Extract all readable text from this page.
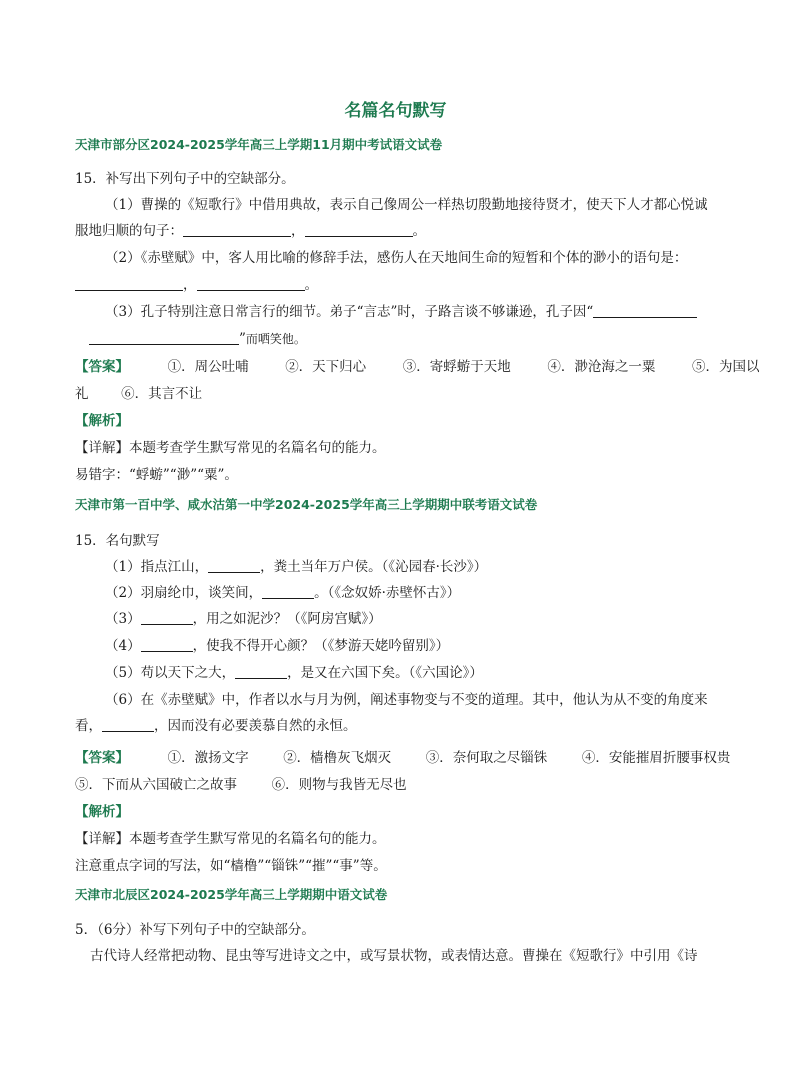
名篇名句默写
天津市部分区2024-2025学年高三上学期11月期中考试语文试卷
15．补写出下列句子中的空缺部分。
（1）曹操的《短歌行》中借用典故，表示自己像周公一样热切殷勤地接待贤才，使天下人才都心悦诚
服地归顺的句子：	，	。
（2）《赤壁赋》中，客人用比喻的修辞手法，感伤人在天地间生命的短暂和个体的渺小的语句是：
，	。
（3）孔子特别注意日常言行的细节。弟子“言志”时，子路言谈不够谦逊，孔子因“
”而哂笑他。
【答案】	①．周公吐哺	②．天下归心	③．寄蜉蝣于天地	④．渺沧海之一粟	⑤．为国以
礼 ⑥．其言不让
【解析】
【详解】本题考查学生默写常见的名篇名句的能力。
易错字：“蜉蝣”“渺”“粟”。
天津市第一百中学、咸水沽第一中学2024-2025学年高三上学期期中联考语文试卷
15．名句默写
（1）指点江山，	，粪土当年万户侯。（《沁园春·长沙》）
（2）羽扇纶巾，谈笑间，	。（《念奴娇·赤壁怀古》）
（3）	，用之如泥沙？（《阿房宫赋》）
（4）	，使我不得开心颜？（《梦游天姥吟留别》）
（5）苟以天下之大，	，是又在六国下矣。（《六国论》）
（6）在《赤壁赋》中，作者以水与月为例，阐述事物变与不变的道理。其中，他认为从不变的角度来
看，	，因而没有必要羡慕自然的永恒。
【答案】	①．激扬文字	②．樯橹灰飞烟灭	③．奈何取之尽锱铢	④．安能摧眉折腰事权贵
⑤．下而从六国破亡之故事	⑥．则物与我皆无尽也
【解析】
【详解】本题考查学生默写常见的名篇名句的能力。
注意重点字词的写法，如“樯橹”“锱铢”“摧”“事”等。
天津市北辰区2024-2025学年高三上学期期中语文试卷
5．（6分）补写下列句子中的空缺部分。
古代诗人经常把动物、昆虫等写进诗文之中，或写景状物，或表情达意。曹操在《短歌行》中引用《诗
